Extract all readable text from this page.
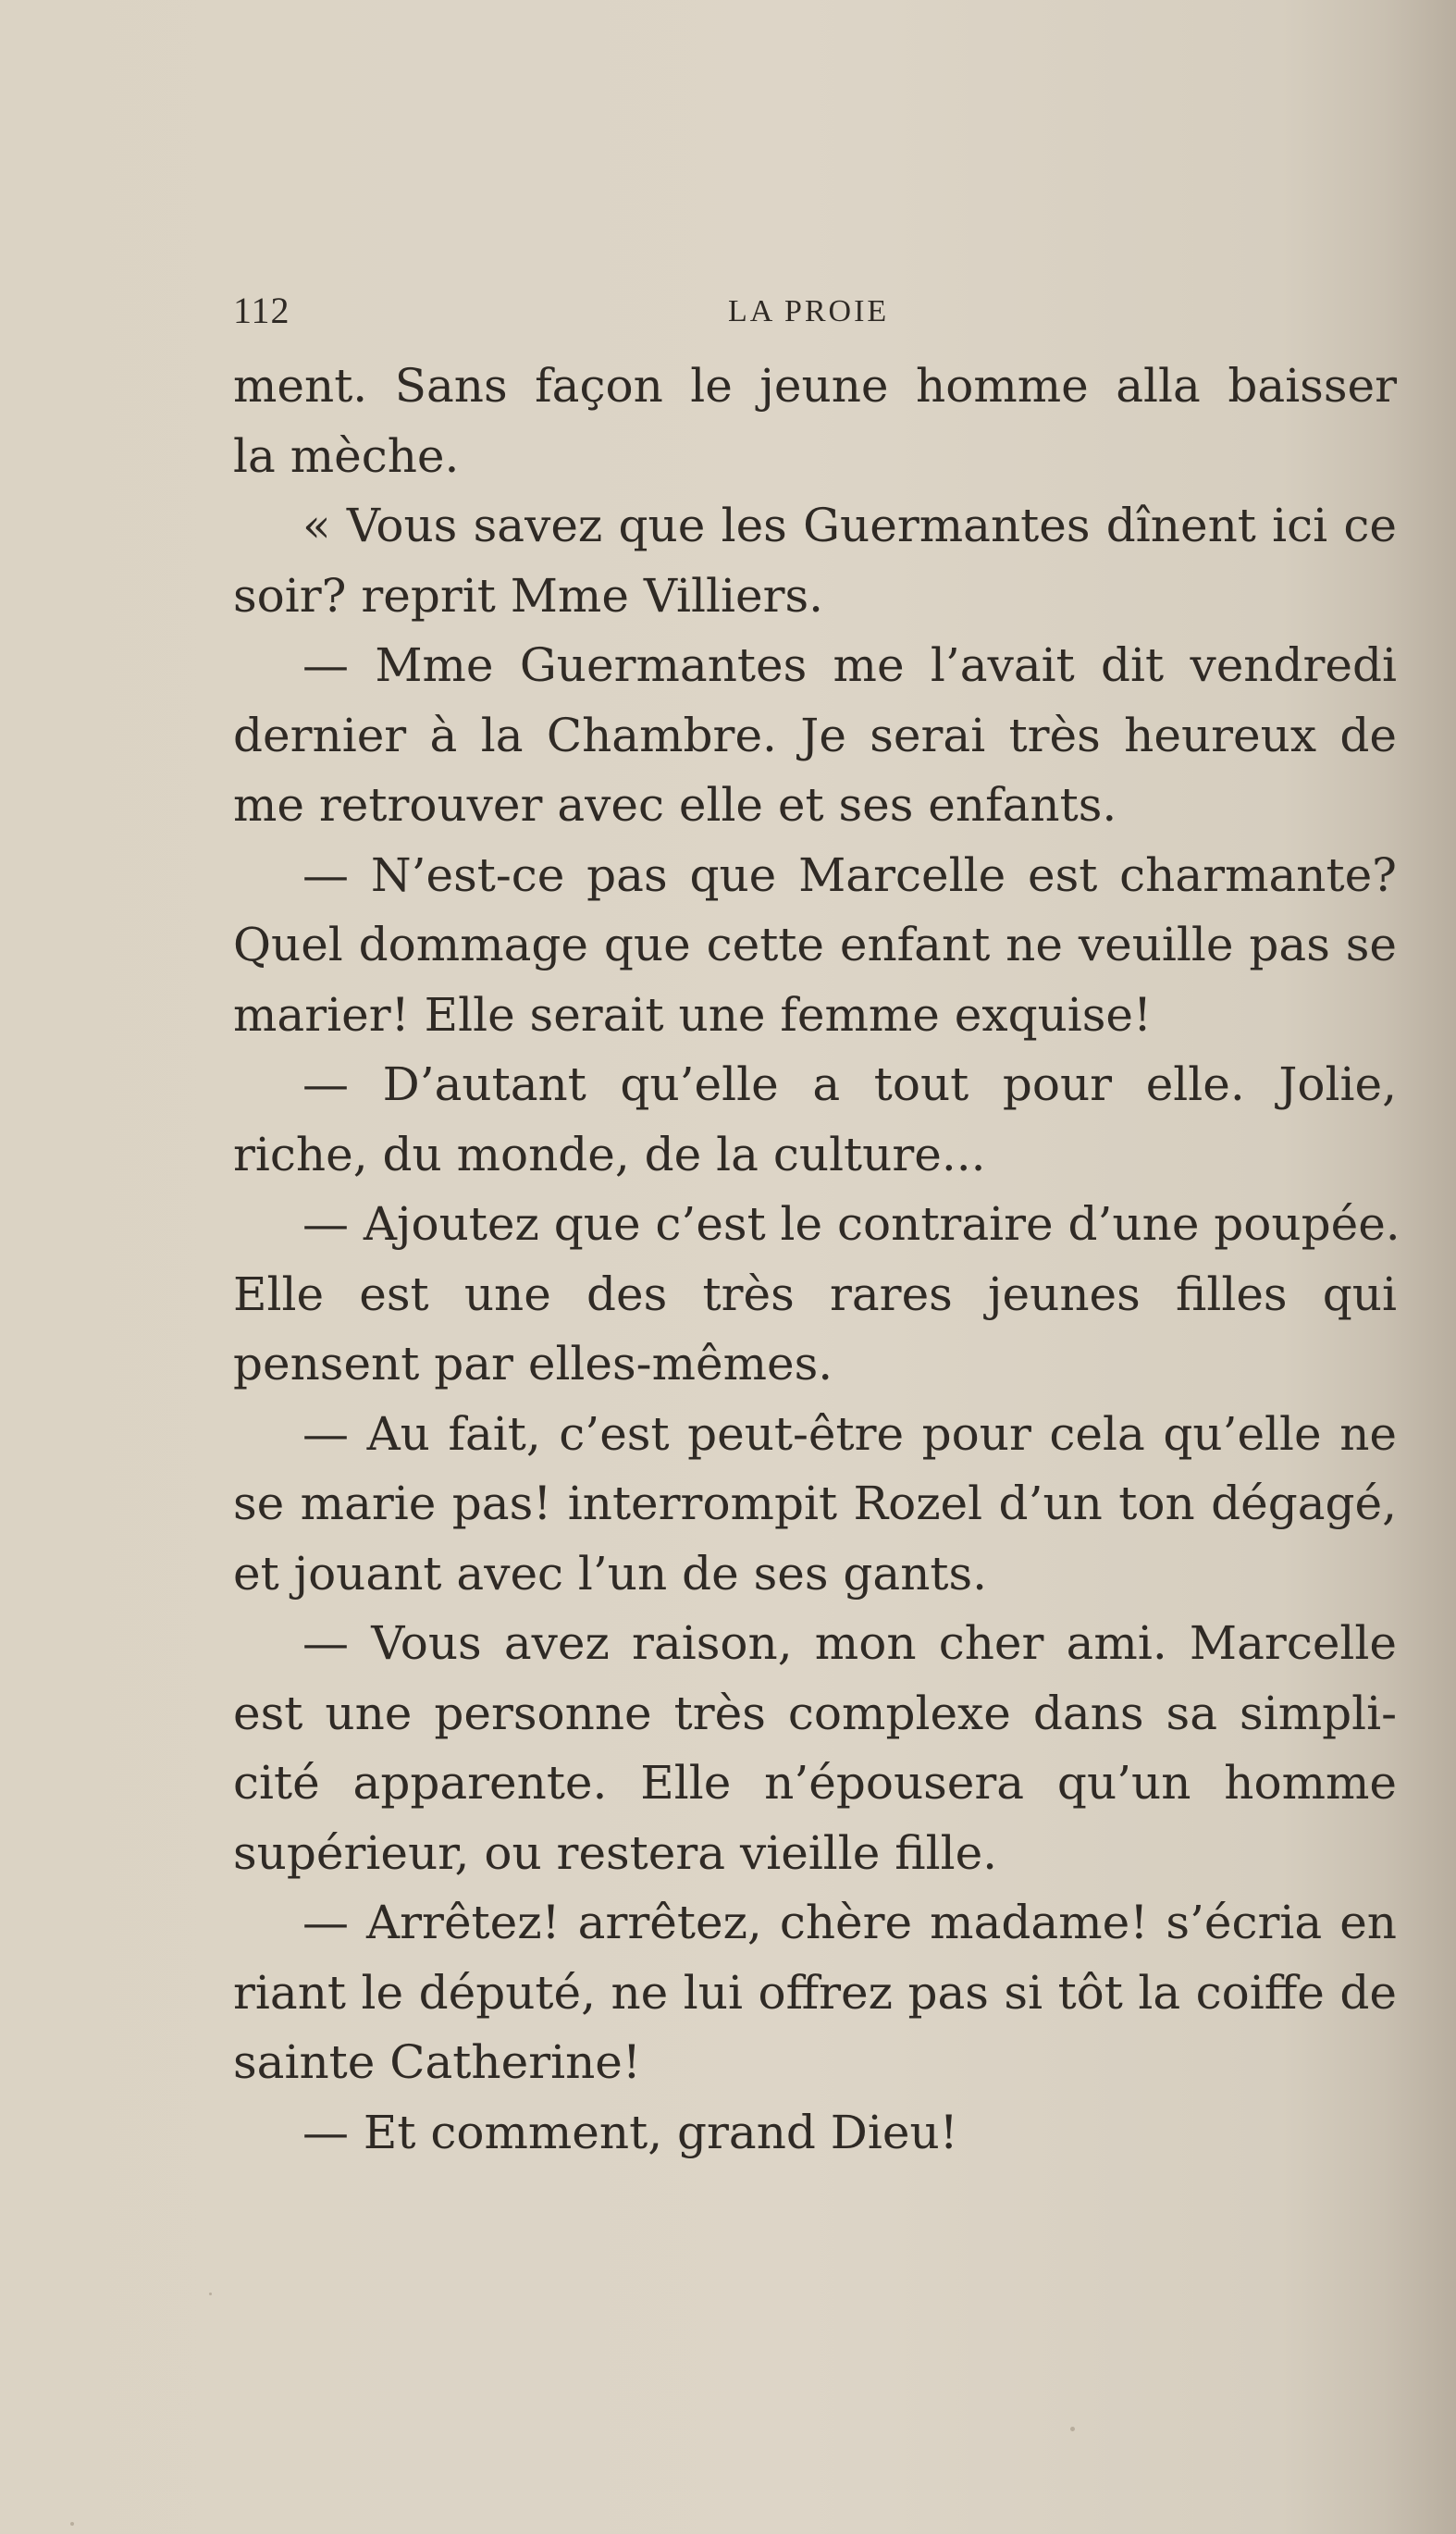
112	LA PROIE
ment. Sans façon le jeune homme alla baisser
la mèche.
« Vous savez que les Guermantes dînent ici ce
soir? reprit Mme Villiers.
— Mme Guermantes me l’avait dit vendredi
dernier à la Chambre. Je serai très heureux de
me retrouver avec elle et ses enfants.
— N’est-ce pas que Marcelle est charmante?
Quel dommage que cette enfant ne veuille pas se
marier! Elle serait une femme exquise!
— D’autant qu’elle a tout pour elle. Jolie,
riche, du monde, de la culture...
— Ajoutez que c’est le contraire d’une poupée.
Elle est une des très rares jeunes filles qui
pensent par elles-mêmes.
— Au fait, c’est peut-être pour cela qu’elle ne
se marie pas! interrompit Rozel d’un ton dégagé,
et jouant avec l’un de ses gants.
— Vous avez raison, mon cher ami. Marcelle
est une personne très complexe dans sa simpli-
cité apparente. Elle n’épousera qu’un homme
supérieur, ou restera vieille fille.
— Arrêtez! arrêtez, chère madame! s’écria en
riant le député, ne lui offrez pas si tôt la coiffe de
sainte Catherine!
— Et comment, grand Dieu!
